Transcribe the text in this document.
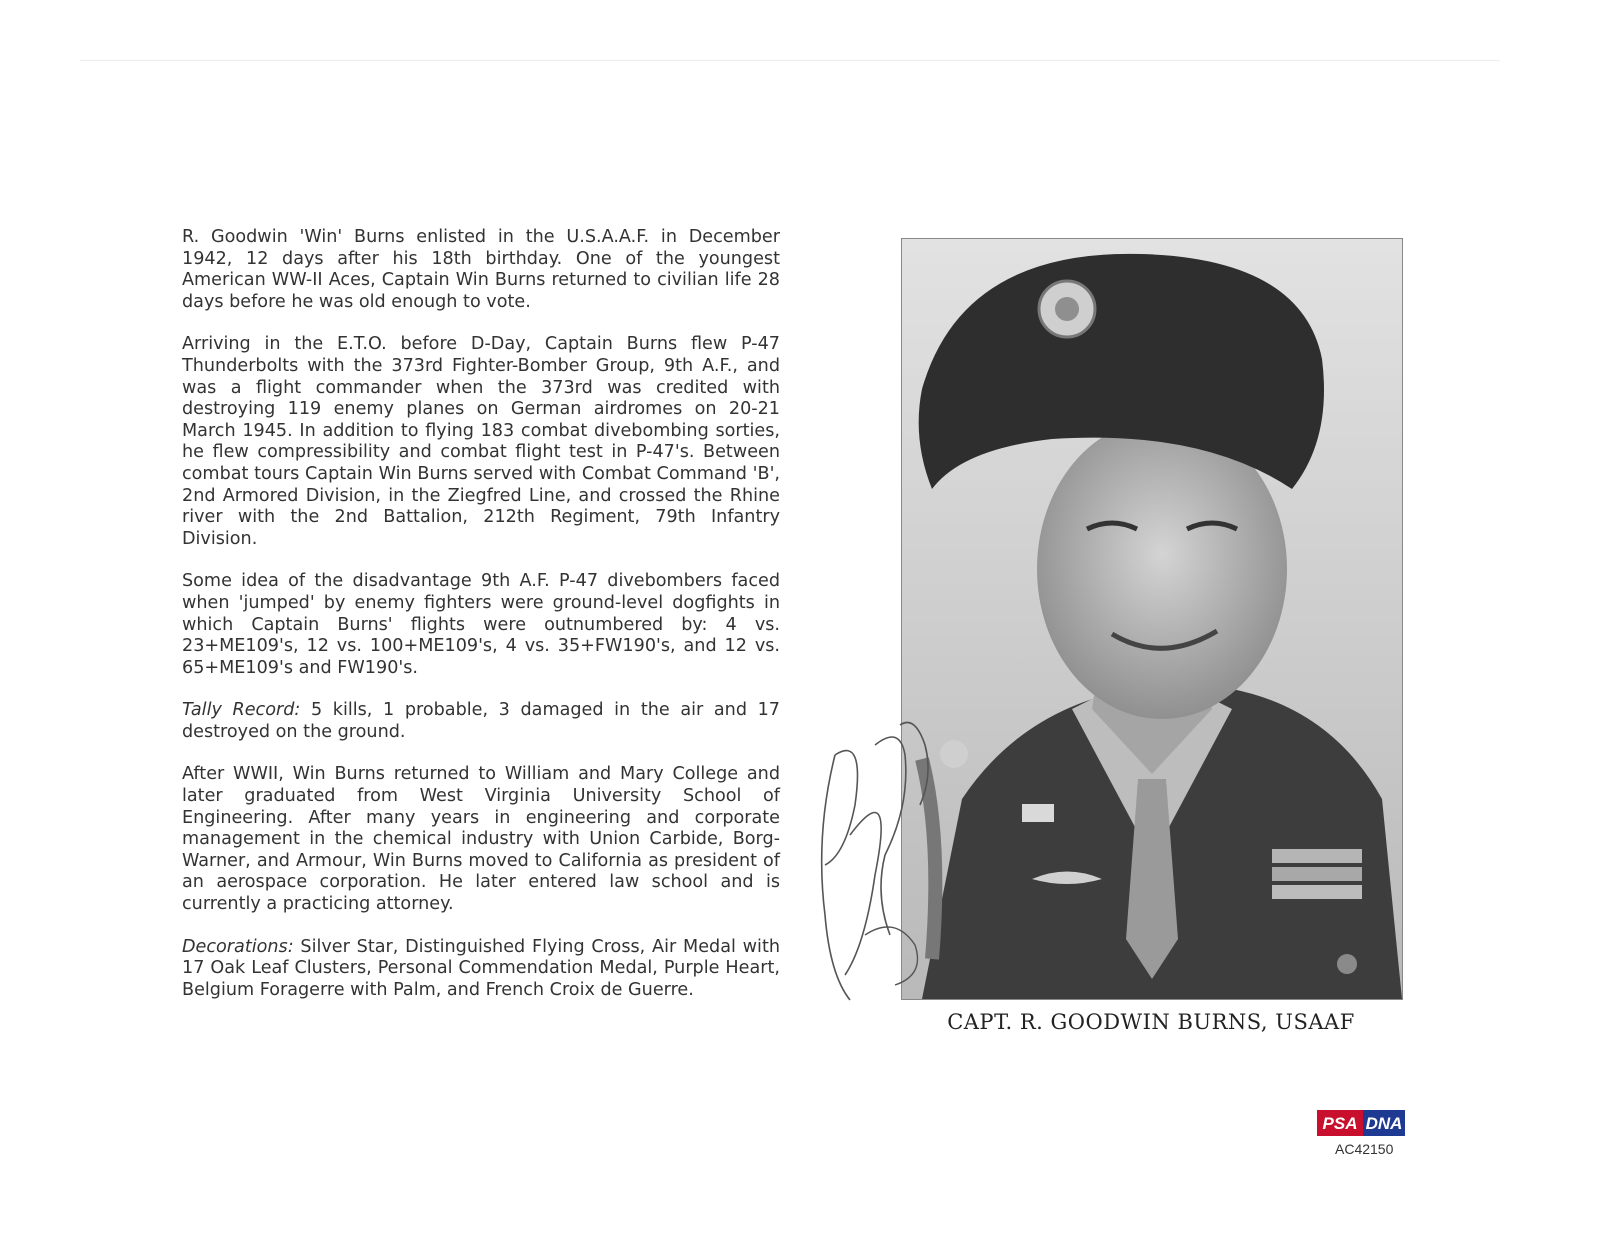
R. Goodwin 'Win' Burns enlisted in the U.S.A.A.F. in December 1942, 12 days after his 18th birthday. One of the youngest American WW-II Aces, Captain Win Burns returned to civilian life 28 days before he was old enough to vote.

Arriving in the E.T.O. before D-Day, Captain Burns flew P-47 Thunderbolts with the 373rd Fighter-Bomber Group, 9th A.F., and was a flight commander when the 373rd was credited with destroying 119 enemy planes on German airdromes on 20-21 March 1945. In addition to flying 183 combat divebombing sorties, he flew compressibility and combat flight test in P-47's. Between combat tours Captain Win Burns served with Combat Command 'B', 2nd Armored Division, in the Ziegfred Line, and crossed the Rhine river with the 2nd Battalion, 212th Regiment, 79th Infantry Division.

Some idea of the disadvantage 9th A.F. P-47 divebombers faced when 'jumped' by enemy fighters were ground-level dogfights in which Captain Burns' flights were outnumbered by: 4 vs. 23+ME109's, 12 vs. 100+ME109's, 4 vs. 35+FW190's, and 12 vs. 65+ME109's and FW190's.

Tally Record: 5 kills, 1 probable, 3 damaged in the air and 17 destroyed on the ground.

After WWII, Win Burns returned to William and Mary College and later graduated from West Virginia University School of Engineering. After many years in engineering and corporate management in the chemical industry with Union Carbide, Borg-Warner, and Armour, Win Burns moved to California as president of an aerospace corporation. He later entered law school and is currently a practicing attorney.

Decorations: Silver Star, Distinguished Flying Cross, Air Medal with 17 Oak Leaf Clusters, Personal Commendation Medal, Purple Heart, Belgium Foragerre with Palm, and French Croix de Guerre.

CAPT. R. GOODWIN BURNS, USAAF
PSA DNA
AC42150
